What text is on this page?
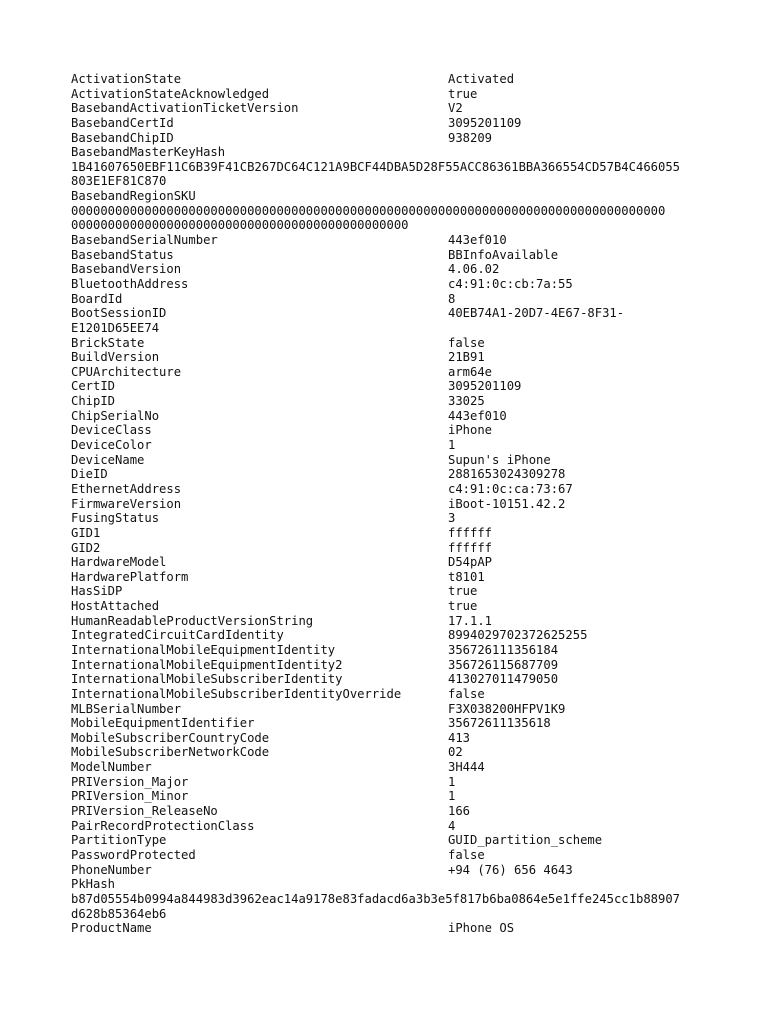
ActivationState	Activated
ActivationStateAcknowledged	true
BasebandActivationTicketVersion	V2
BasebandCertId	3095201109
BasebandChipID	938209
BasebandMasterKeyHash
1B41607650EBF11C6B39F41CB267DC64C121A9BCF44DBA5D28F55ACC86361BBA366554CD57B4C466055
803E1EF81C870
BasebandRegionSKU
000000000000000000000000000000000000000000000000000000000000000000000000000000000
0000000000000000000000000000000000000000000000
BasebandSerialNumber	443ef010
BasebandStatus	BBInfoAvailable
BasebandVersion	4.06.02
BluetoothAddress	c4:91:0c:cb:7a:55
BoardId	8
BootSessionID	40EB74A1-20D7-4E67-8F31-
E1201D65EE74
BrickState	false
BuildVersion	21B91
CPUArchitecture	arm64e
CertID	3095201109
ChipID	33025
ChipSerialNo	443ef010
DeviceClass	iPhone
DeviceColor	1
DeviceName	Supun's iPhone
DieID	2881653024309278
EthernetAddress	c4:91:0c:ca:73:67
FirmwareVersion	iBoot-10151.42.2
FusingStatus	3
GID1	ffffff
GID2	ffffff
HardwareModel	D54pAP
HardwarePlatform	t8101
HasSiDP	true
HostAttached	true
HumanReadableProductVersionString	17.1.1
IntegratedCircuitCardIdentity	8994029702372625255
InternationalMobileEquipmentIdentity	356726111356184
InternationalMobileEquipmentIdentity2	356726115687709
InternationalMobileSubscriberIdentity	413027011479050
InternationalMobileSubscriberIdentityOverride	false
MLBSerialNumber	F3X038200HFPV1K9
MobileEquipmentIdentifier	35672611135618
MobileSubscriberCountryCode	413
MobileSubscriberNetworkCode	02
ModelNumber	3H444
PRIVersion_Major	1
PRIVersion_Minor	1
PRIVersion_ReleaseNo	166
PairRecordProtectionClass	4
PartitionType	GUID_partition_scheme
PasswordProtected	false
PhoneNumber	+94 (76) 656 4643
PkHash
b87d05554b0994a844983d3962eac14a9178e83fadacd6a3b3e5f817b6ba0864e5e1ffe245cc1b88907
d628b85364eb6
ProductName	iPhone OS
